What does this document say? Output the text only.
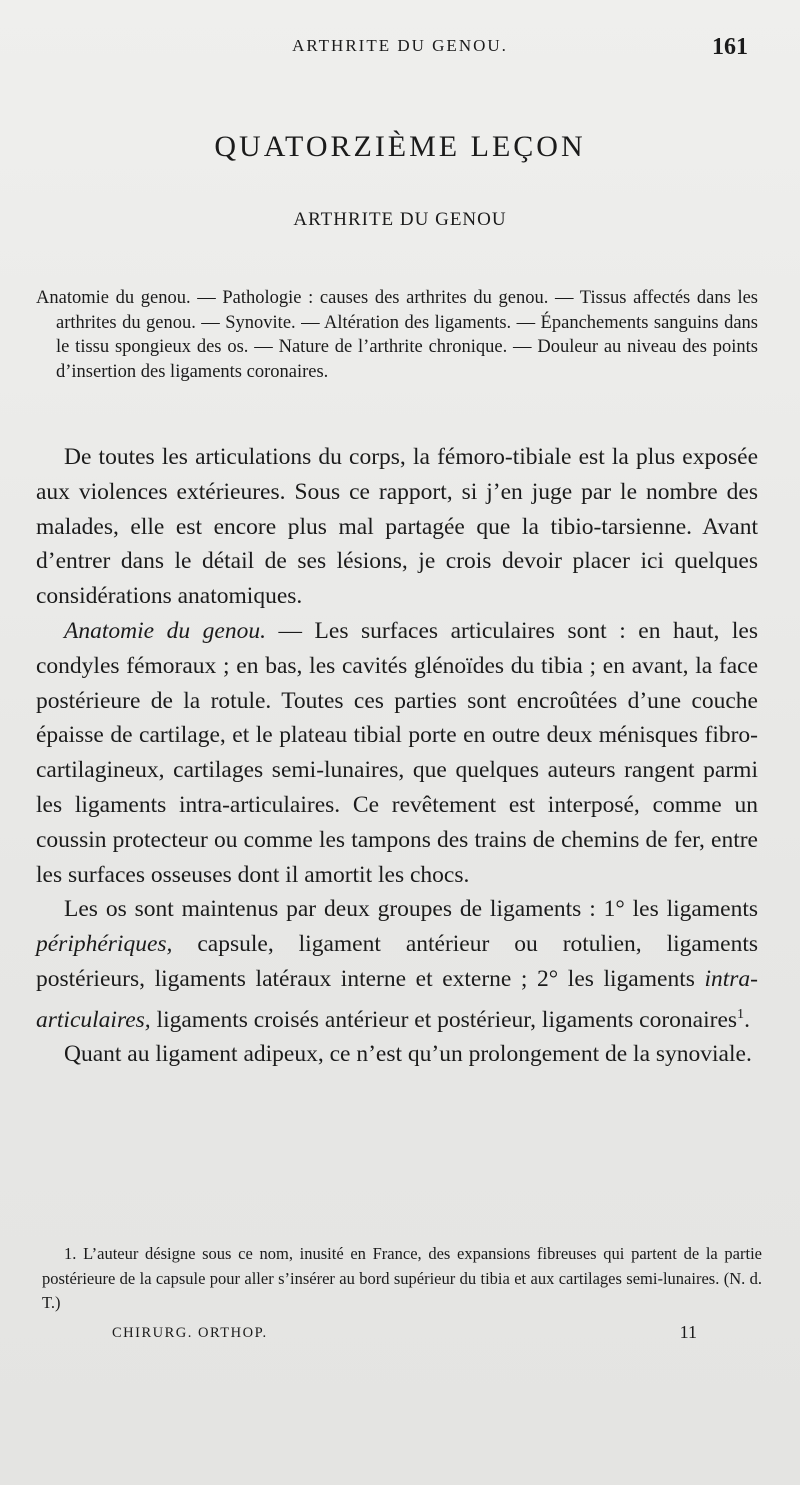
ARTHRITE DU GENOU.	161
QUATORZIÈME LEÇON
ARTHRITE DU GENOU

Anatomie du genou. — Pathologie : causes des arthrites du genou. — Tissus affectés dans les arthrites du genou. — Synovite. — Altération des ligaments. — Épanchements sanguins dans le tissu spongieux des os. — Nature de l’arthrite chronique. — Douleur au niveau des points d’insertion des ligaments coronaires.

De toutes les articulations du corps, la fémoro-tibiale est la plus exposée aux violences extérieures. Sous ce rapport, si j’en juge par le nombre des malades, elle est encore plus mal partagée que la tibio-tarsienne. Avant d’entrer dans le détail de ses lésions, je crois devoir placer ici quelques considérations anatomiques.

Anatomie du genou. — Les surfaces articulaires sont : en haut, les condyles fémoraux ; en bas, les cavités glénoïdes du tibia ; en avant, la face postérieure de la rotule. Toutes ces parties sont encroûtées d’une couche épaisse de cartilage, et le plateau tibial porte en outre deux ménisques fibro-cartilagineux, cartilages semi-lunaires, que quelques auteurs rangent parmi les ligaments intra-articulaires. Ce revêtement est interposé, comme un coussin protecteur ou comme les tampons des trains de chemins de fer, entre les surfaces osseuses dont il amortit les chocs.

Les os sont maintenus par deux groupes de ligaments : 1° les ligaments périphériques, capsule, ligament antérieur ou rotulien, ligaments postérieurs, ligaments latéraux interne et externe ; 2° les ligaments intra-articulaires, ligaments croisés antérieur et postérieur, ligaments coronaires$^1$.

Quant au ligament adipeux, ce n’est qu’un prolongement de la synoviale.

1. L’auteur désigne sous ce nom, inusité en France, des expansions fibreuses qui partent de la partie postérieure de la capsule pour aller s’insérer au bord supérieur du tibia et aux cartilages semi-lunaires. (N. d. T.)

CHIRURG. ORTHOP.	11
